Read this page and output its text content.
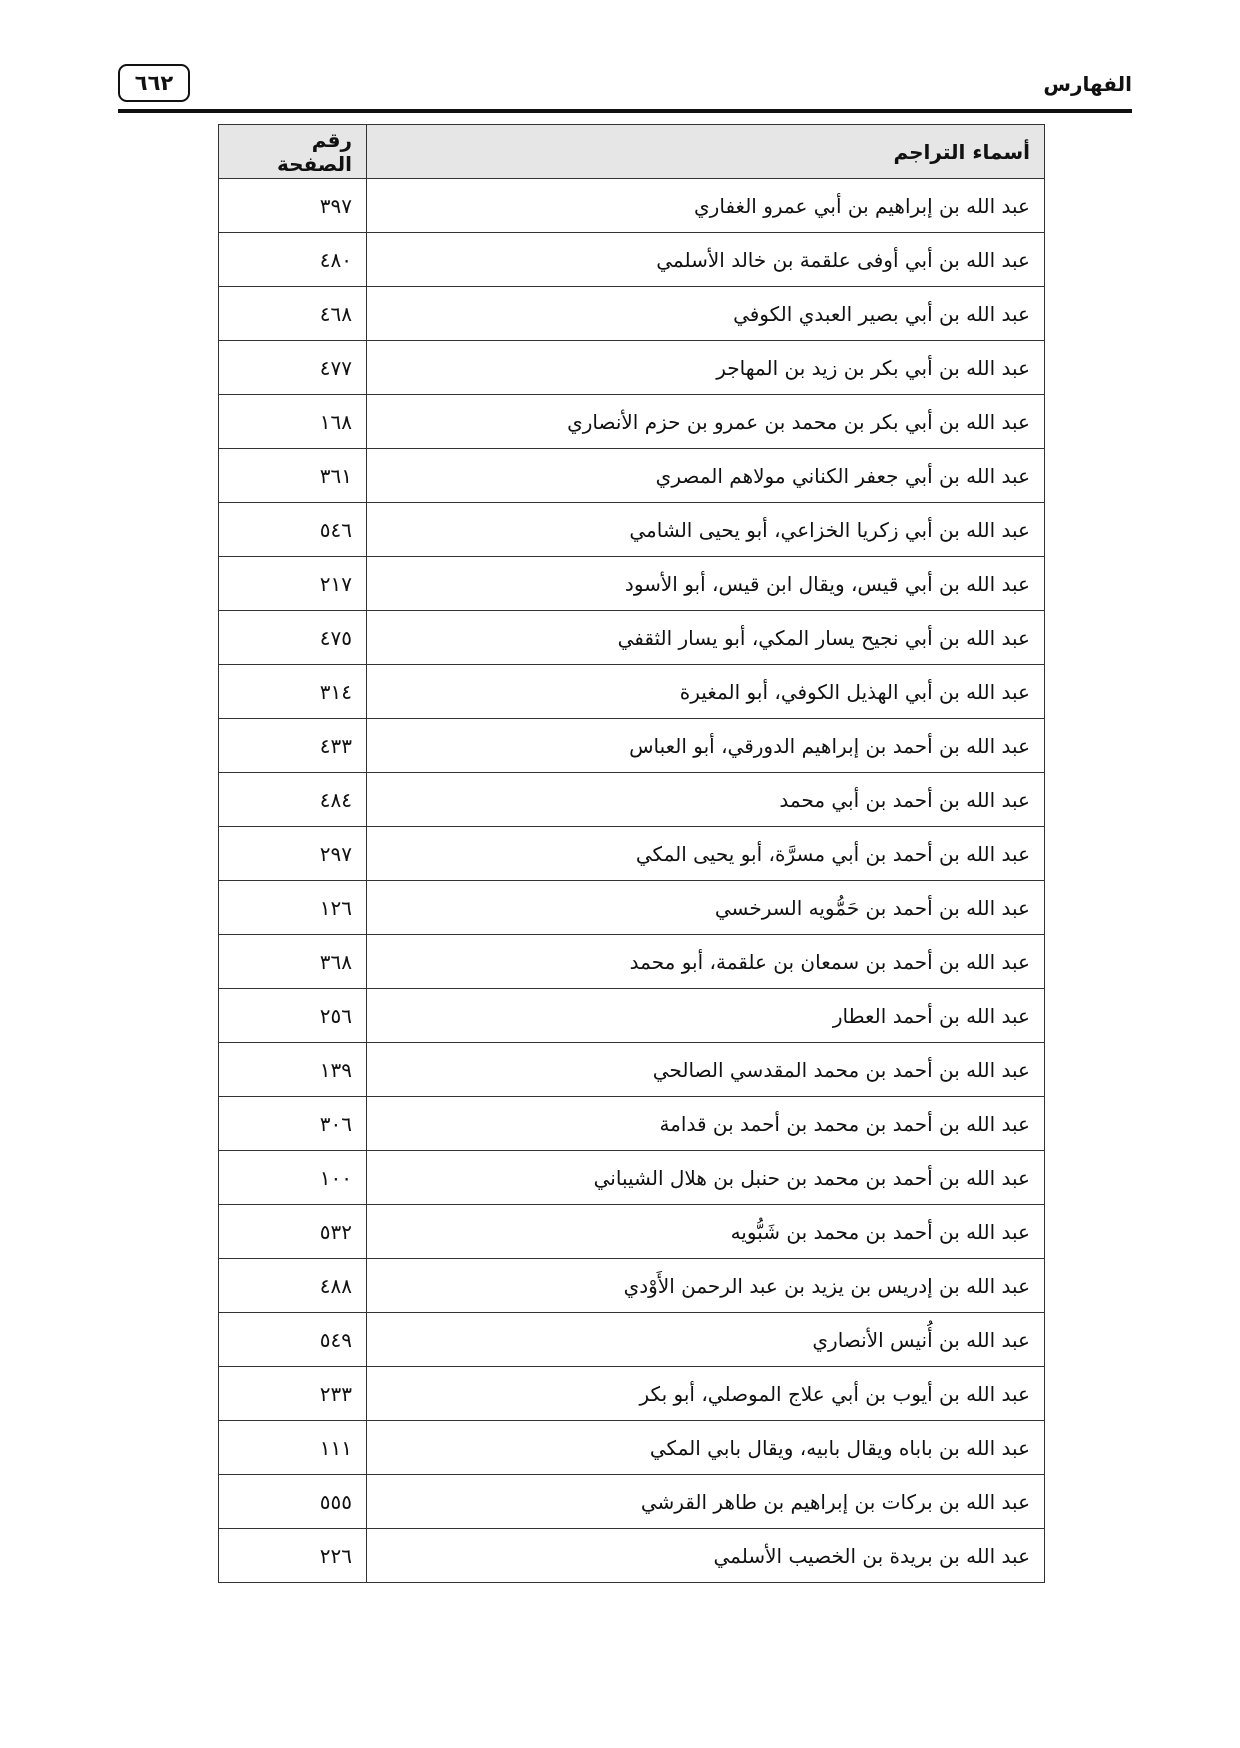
٦٦٢	الفهارس
أسماء التراجم	رقم الصفحة
عبد الله بن إبراهيم بن أبي عمرو الغفاري	٣٩٧
عبد الله بن أبي أوفى علقمة بن خالد الأسلمي	٤٨٠
عبد الله بن أبي بصير العبدي الكوفي	٤٦٨
عبد الله بن أبي بكر بن زيد بن المهاجر	٤٧٧
عبد الله بن أبي بكر بن محمد بن عمرو بن حزم الأنصاري	١٦٨
عبد الله بن أبي جعفر الكناني مولاهم المصري	٣٦١
عبد الله بن أبي زكريا الخزاعي، أبو يحيى الشامي	٥٤٦
عبد الله بن أبي قيس، ويقال ابن قيس، أبو الأسود	٢١٧
عبد الله بن أبي نجيح يسار المكي، أبو يسار الثقفي	٤٧٥
عبد الله بن أبي الهذيل الكوفي، أبو المغيرة	٣١٤
عبد الله بن أحمد بن إبراهيم الدورقي، أبو العباس	٤٣٣
عبد الله بن أحمد بن أبي محمد	٤٨٤
عبد الله بن أحمد بن أبي مسرَّة، أبو يحيى المكي	٢٩٧
عبد الله بن أحمد بن حَمُّويه السرخسي	١٢٦
عبد الله بن أحمد بن سمعان بن علقمة، أبو محمد	٣٦٨
عبد الله بن أحمد العطار	٢٥٦
عبد الله بن أحمد بن محمد المقدسي الصالحي	١٣٩
عبد الله بن أحمد بن محمد بن أحمد بن قدامة	٣٠٦
عبد الله بن أحمد بن محمد بن حنبل بن هلال الشيباني	١٠٠
عبد الله بن أحمد بن محمد بن شَبُّويه	٥٣٢
عبد الله بن إدريس بن يزيد بن عبد الرحمن الأَوْدي	٤٨٨
عبد الله بن أُنيس الأنصاري	٥٤٩
عبد الله بن أيوب بن أبي علاج الموصلي، أبو بكر	٢٣٣
عبد الله بن باباه ويقال بابيه، ويقال بابي المكي	١١١
عبد الله بن بركات بن إبراهيم بن طاهر القرشي	٥٥٥
عبد الله بن بريدة بن الخصيب الأسلمي	٢٢٦
